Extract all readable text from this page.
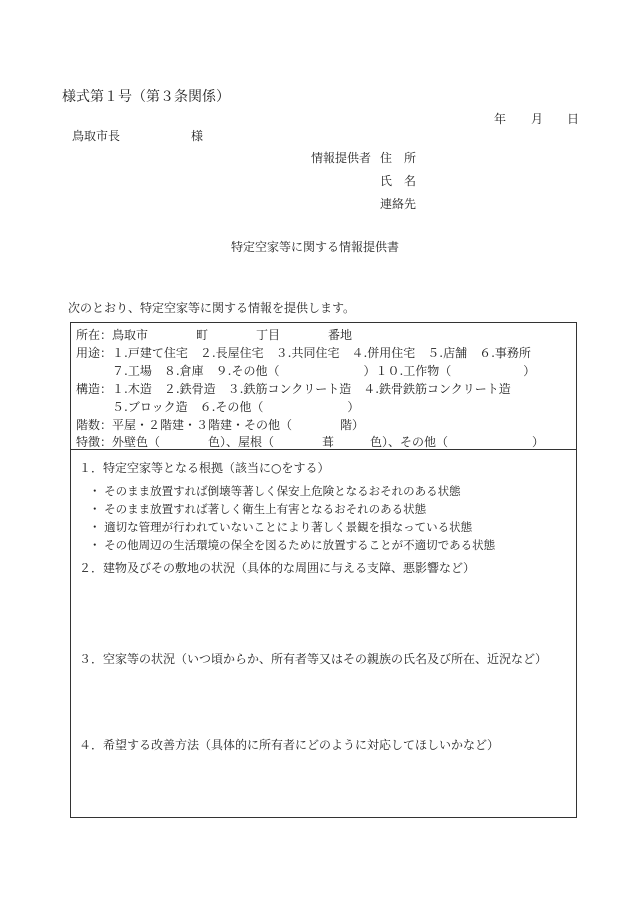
様式第１号（第３条関係）
年 月 日
鳥取市長	様
情報提供者 住　所
氏　名
連絡先
特定空家等に関する情報提供書
次のとおり、特定空家等に関する情報を提供します。
所在：鳥取市　　　　町　　　　丁目　　　　番地
用途：１.戸建て住宅　２.長屋住宅　３.共同住宅　４.併用住宅　５.店舗　６.事務所
　　　７.工場　８.倉庫　９.その他（　　　　　　　）１０.工作物（　　　　　　）
構造：１.木造　２.鉄骨造　３.鉄筋コンクリート造　４.鉄骨鉄筋コンクリート造
　　　５.ブロック造　６.その他（　　　　　　　）
階数：平屋・２階建・３階建・その他（　　　　階）
特徴：外壁色（　　　　色）、屋根（　　　　葺　　　色）、その他（　　　　　　　）
１．特定空家等となる根拠（該当に○をする）
・ そのまま放置すれば倒壊等著しく保安上危険となるおそれのある状態
・ そのまま放置すれば著しく衛生上有害となるおそれのある状態
・ 適切な管理が行われていないことにより著しく景観を損なっている状態
・ その他周辺の生活環境の保全を図るために放置することが不適切である状態
２．建物及びその敷地の状況（具体的な周囲に与える支障、悪影響など）
３．空家等の状況（いつ頃からか、所有者等又はその親族の氏名及び所在、近況など）
４．希望する改善方法（具体的に所有者にどのように対応してほしいかなど）
